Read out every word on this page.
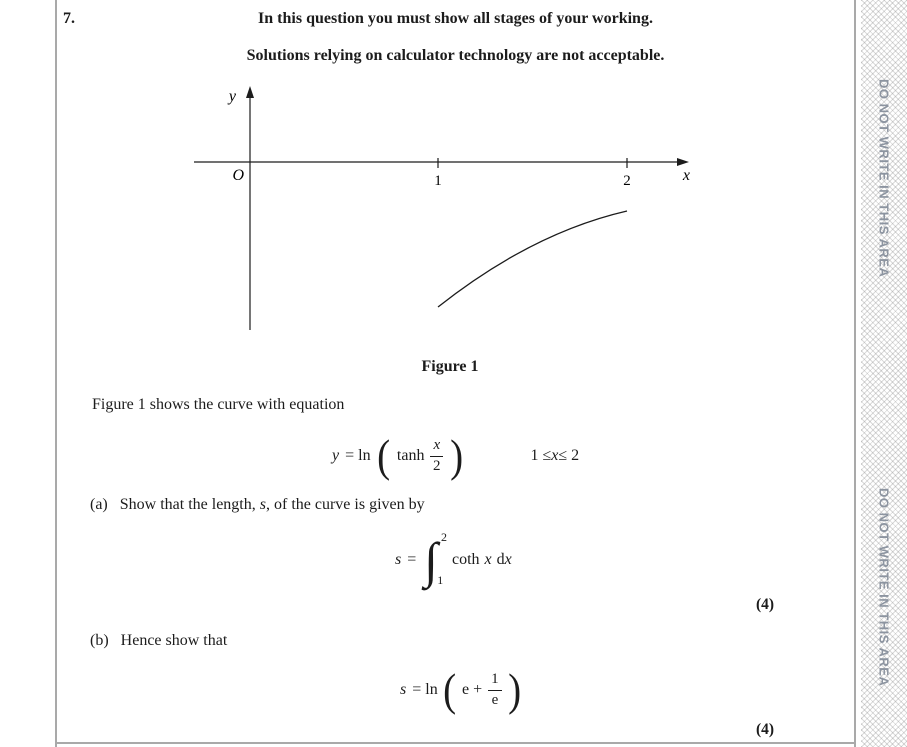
DO NOT WRITE IN THIS AREA
DO NOT WRITE IN THIS AREA
7.	In this question you must show all stages of your working.
Solutions relying on calculator technology are not acceptable.
y
O	x
1	2
Figure 1
Figure 1 shows the curve with equation
y = ln ( $\tanh \frac{x}{2}$ )	1 ≤ x ≤ 2
(a) Show that the length, s, of the curve is given by
s = ∫ 2
1
coth x d x
(4)
(b) Hence show that
s = ln ( $e + \frac{1}{e}$ )
(4)
